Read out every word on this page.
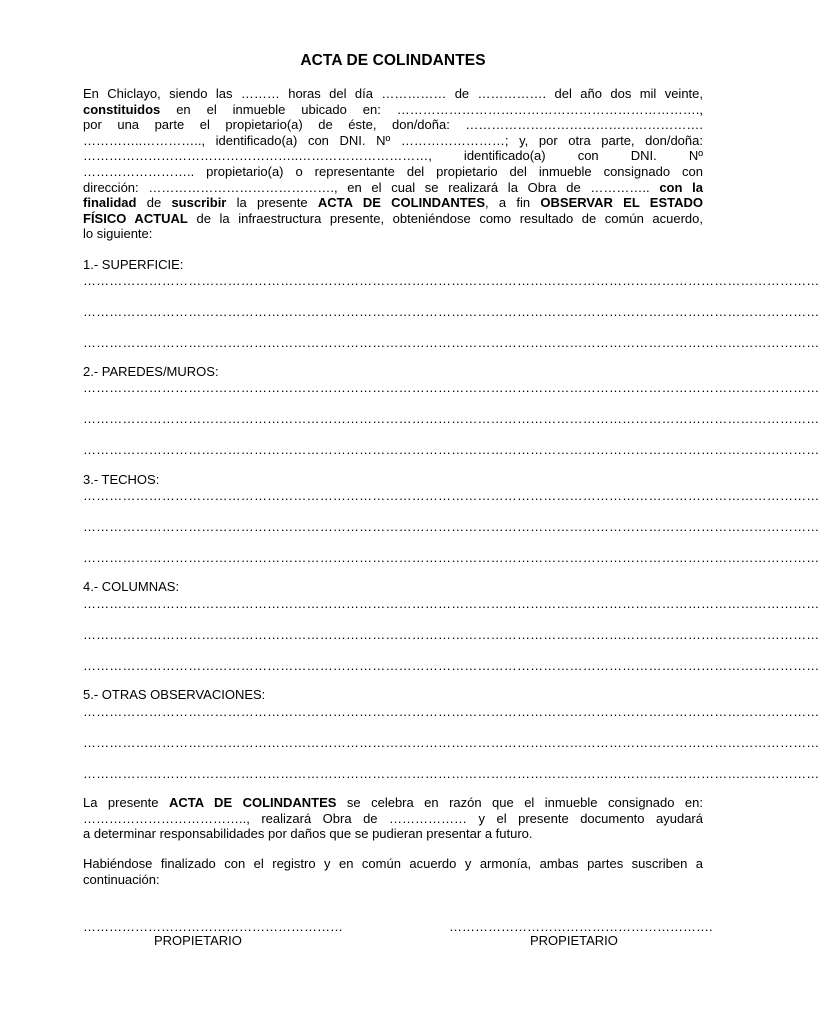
ACTA DE COLINDANTES
En Chiclayo, siendo las ……… horas del día …………… de ……………. del año dos mil veinte,
constituidos en el inmueble ubicado en: …………………………………………………………….,
por una parte el propietario(a) de éste, don/doña: ……………………………………………….
…………..………….., identificado(a) con DNI. Nº ……………………; y, por otra parte, don/doña:
…………………………………………..…………………………, identificado(a) con DNI. Nº
…………………….. propietario(a) o representante del propietario del inmueble consignado con
dirección: ……………………………………., en el cual se realizará la Obra de ………….. con la
finalidad de suscribir la presente ACTA DE COLINDANTES, a fin OBSERVAR EL ESTADO
FÍSICO ACTUAL de la infraestructura presente, obteniéndose como resultado de común acuerdo,
lo siguiente:
1.- SUPERFICIE:
……………………………………………………………………………………………………………………………………………………
……………………………………………………………………………………………………………………………………………………
……………………………………………………………………………………………………………………………………………………
2.- PAREDES/MUROS:
……………………………………………………………………………………………………………………………………………………
……………………………………………………………………………………………………………………………………………………
……………………………………………………………………………………………………………………………………………………
3.- TECHOS:
……………………………………………………………………………………………………………………………………………………
……………………………………………………………………………………………………………………………………………………
……………………………………………………………………………………………………………………………………………………
4.- COLUMNAS:
……………………………………………………………………………………………………………………………………………………
……………………………………………………………………………………………………………………………………………………
……………………………………………………………………………………………………………………………………………………
5.- OTRAS OBSERVACIONES:
……………………………………………………………………………………………………………………………………………………
……………………………………………………………………………………………………………………………………………………
……………………………………………………………………………………………………………………………………………………
La presente ACTA DE COLINDANTES se celebra en razón que el inmueble consignado en:
……………………………….., realizará Obra de ……………… y el presente documento ayudará
a determinar responsabilidades por daños que se pudieran presentar a futuro.
Habiéndose finalizado con el registro y en común acuerdo y armonía, ambas partes suscriben a
continuación:
……………………………………………………	…………………………………………………….
PROPIETARIO	PROPIETARIO
